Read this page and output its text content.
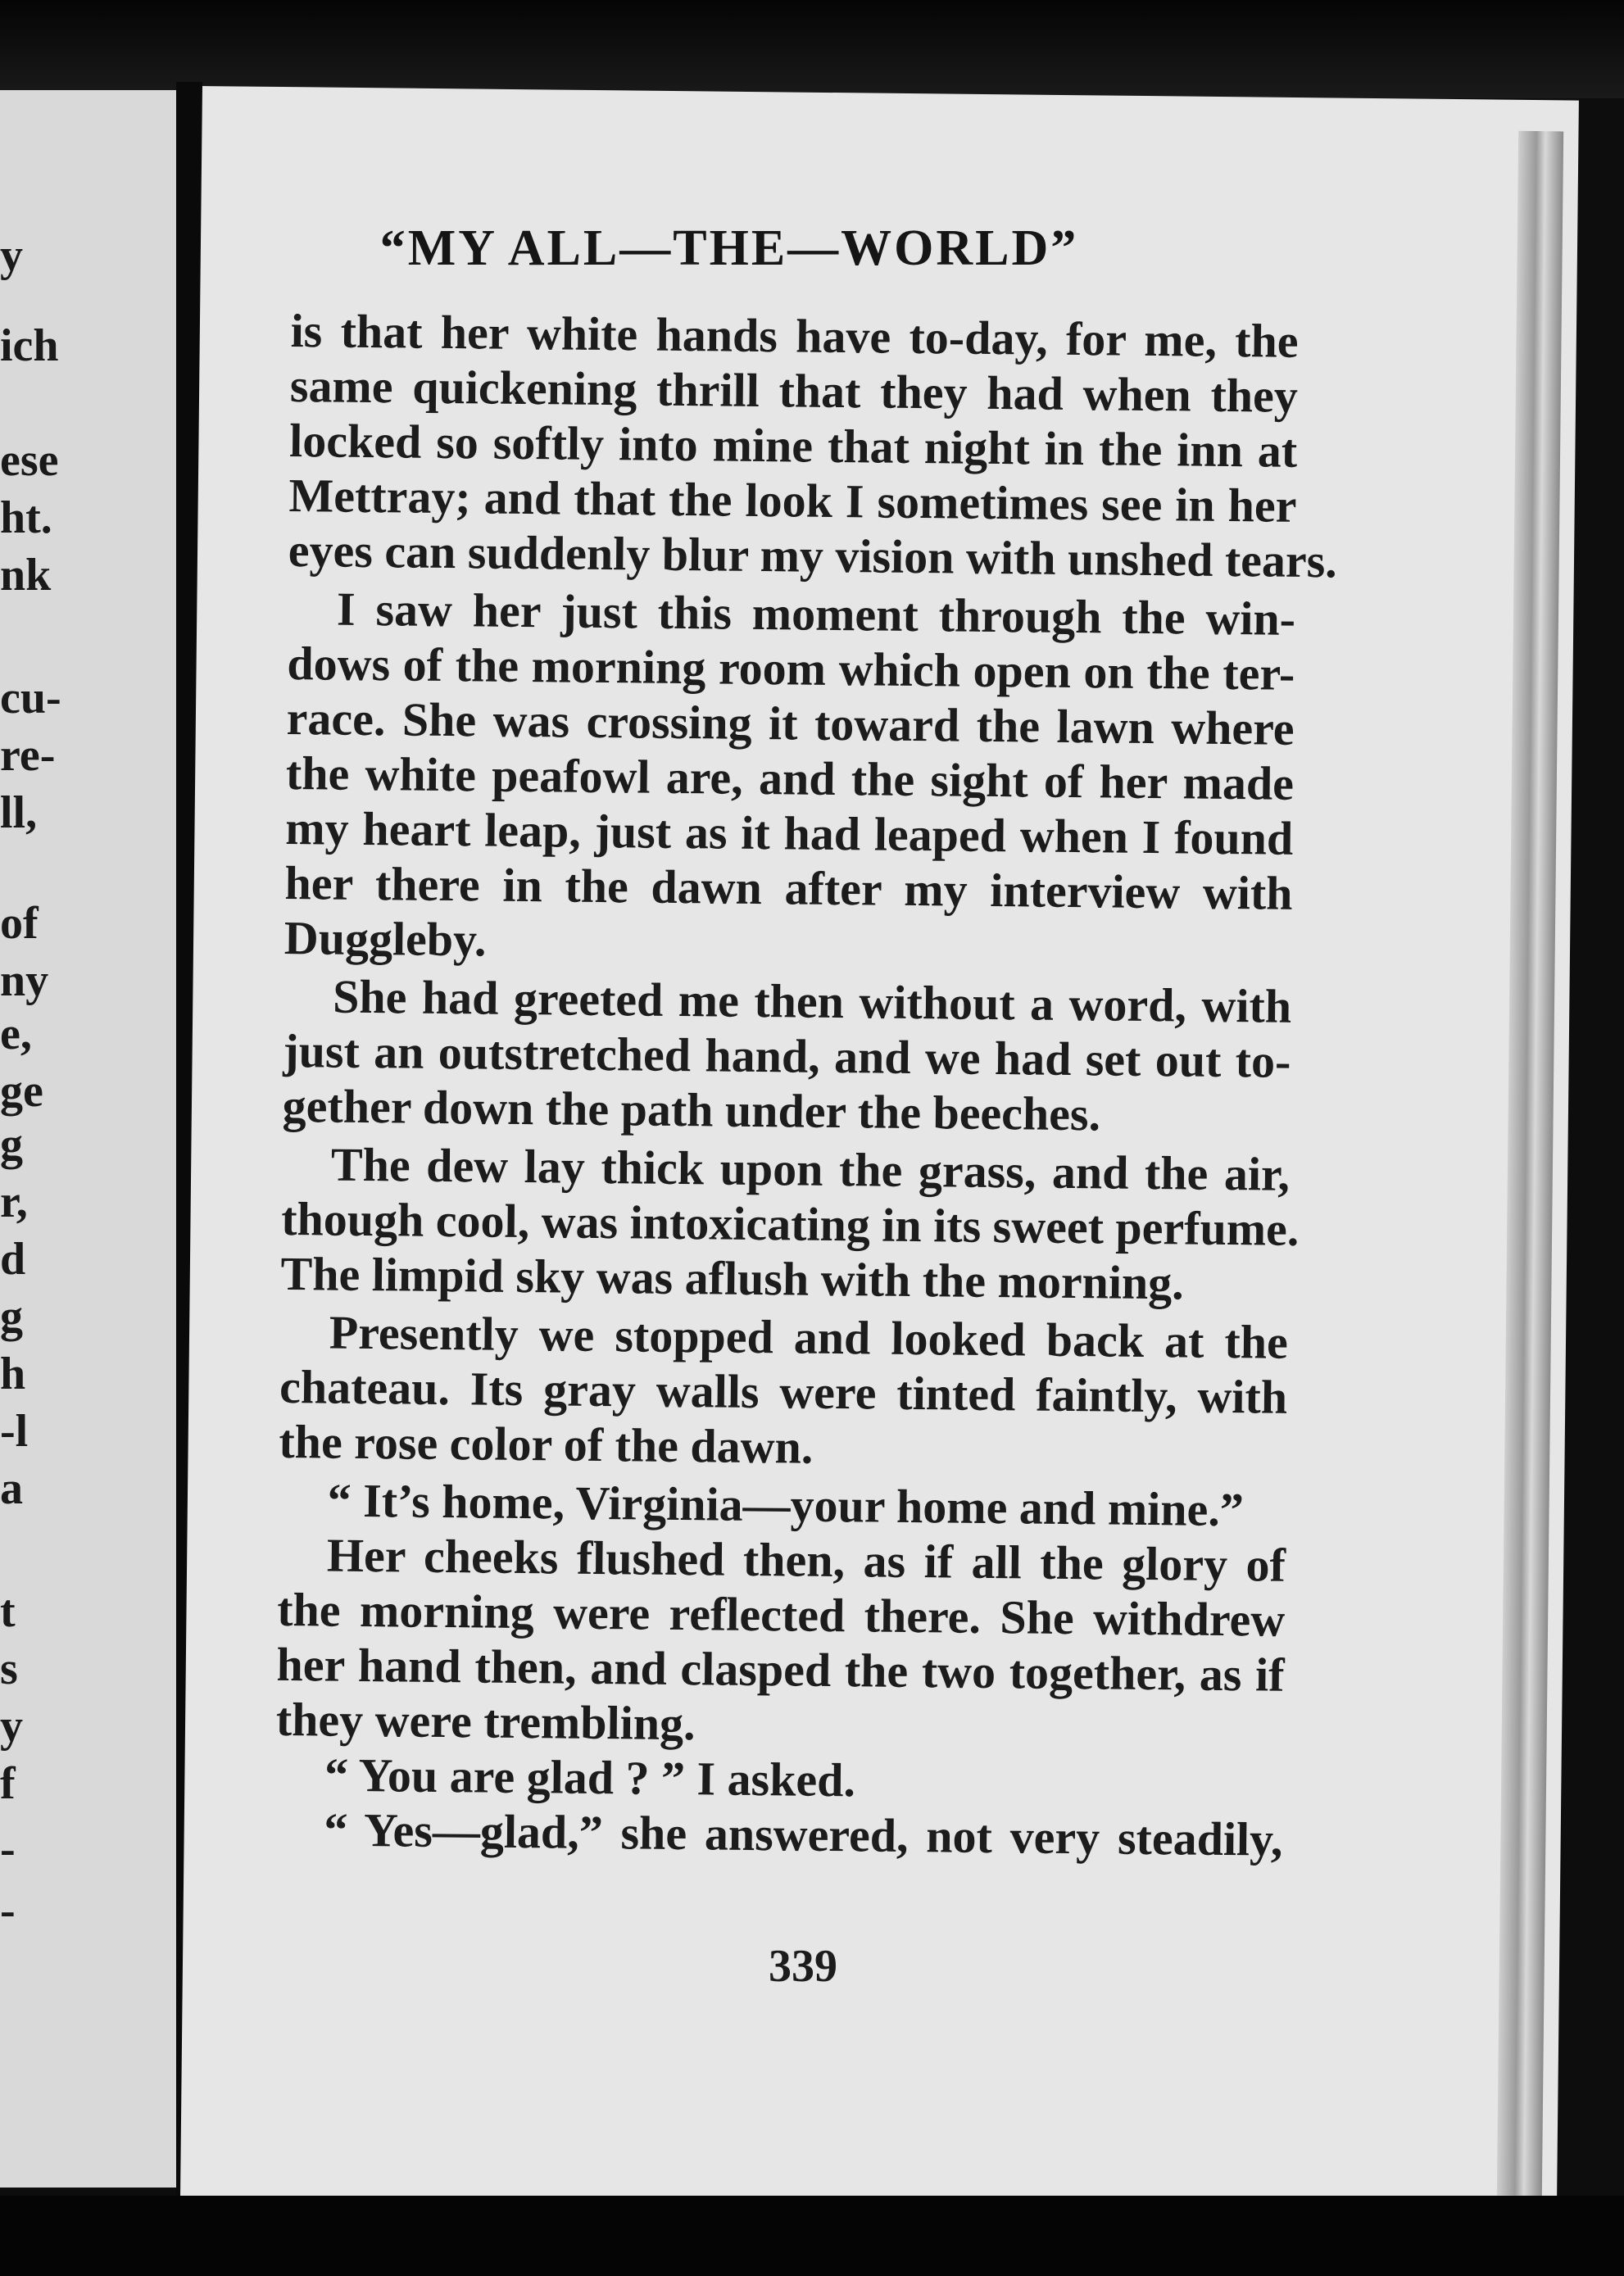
y
ich
ese
ht.
nk
cu-
re-
ll,
of
ny
e,
ge
g
r,
d
g
h
-l
a
t
s
y
f
-
-
“MY ALL—THE—WORLD”
is that her white hands have to-day, for me, the
same quickening thrill that they had when they
locked so softly into mine that night in the inn at
Mettray; and that the look I sometimes see in her
eyes can suddenly blur my vision with unshed tears.
I saw her just this moment through the win-
dows of the morning room which open on the ter-
race. She was crossing it toward the lawn where
the white peafowl are, and the sight of her made
my heart leap, just as it had leaped when I found
her there in the dawn after my interview with
Duggleby.
She had greeted me then without a word, with
just an outstretched hand, and we had set out to-
gether down the path under the beeches.
The dew lay thick upon the grass, and the air,
though cool, was intoxicating in its sweet perfume.
The limpid sky was aflush with the morning.
Presently we stopped and looked back at the
chateau. Its gray walls were tinted faintly, with
the rose color of the dawn.
“ It’s home, Virginia—your home and mine.”
Her cheeks flushed then, as if all the glory of
the morning were reflected there. She withdrew
her hand then, and clasped the two together, as if
they were trembling.
“ You are glad ? ” I asked.
“ Yes—glad,” she answered, not very steadily,
339
